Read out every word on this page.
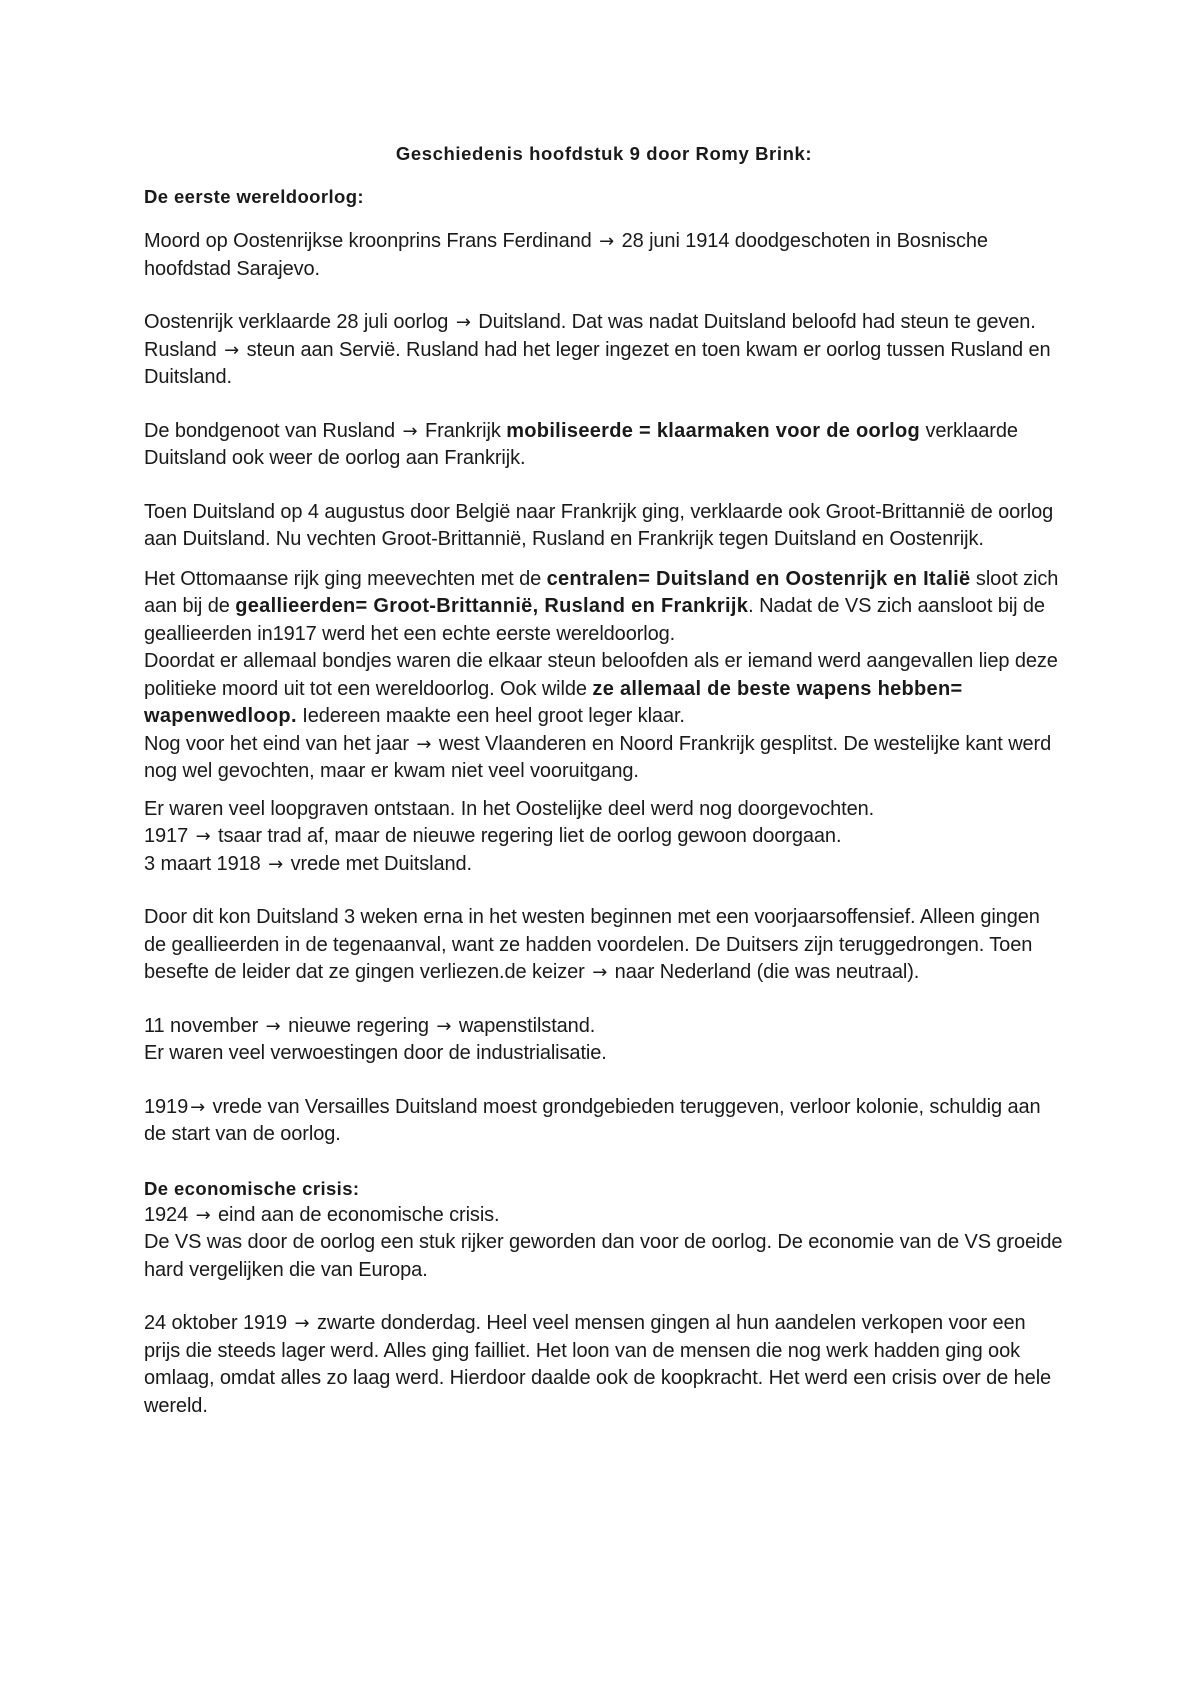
Geschiedenis hoofdstuk 9 door Romy Brink:
De eerste wereldoorlog:

Moord op Oostenrijkse kroonprins Frans Ferdinand → 28 juni 1914 doodgeschoten in Bosnische hoofdstad Sarajevo.

Oostenrijk verklaarde 28 juli oorlog → Duitsland. Dat was nadat Duitsland beloofd had steun te geven.

Rusland → steun aan Servië. Rusland had het leger ingezet en toen kwam er oorlog tussen Rusland en Duitsland.

De bondgenoot van Rusland → Frankrijk mobiliseerde = klaarmaken voor de oorlog verklaarde Duitsland ook weer de oorlog aan Frankrijk.

Toen Duitsland op 4 augustus door België naar Frankrijk ging, verklaarde ook Groot-Brittannië de oorlog aan Duitsland. Nu vechten Groot-Brittannië, Rusland en Frankrijk tegen Duitsland en Oostenrijk.

Het Ottomaanse rijk ging meevechten met de centralen= Duitsland en Oostenrijk en Italië sloot zich aan bij de geallieerden= Groot-Brittannië, Rusland en Frankrijk. Nadat de VS zich aansloot bij de geallieerden in1917 werd het een echte eerste wereldoorlog.
Doordat er allemaal bondjes waren die elkaar steun beloofden als er iemand werd aangevallen liep deze politieke moord uit tot een wereldoorlog. Ook wilde ze allemaal de beste wapens hebben= wapenwedloop. Iedereen maakte een heel groot leger klaar.
Nog voor het eind van het jaar → west Vlaanderen en Noord Frankrijk gesplitst. De westelijke kant werd nog wel gevochten, maar er kwam niet veel vooruitgang.

Er waren veel loopgraven ontstaan. In het Oostelijke deel werd nog doorgevochten.
1917 → tsaar trad af, maar de nieuwe regering liet de oorlog gewoon doorgaan.
3 maart 1918 → vrede met Duitsland.

Door dit kon Duitsland 3 weken erna in het westen beginnen met een voorjaarsoffensief. Alleen gingen de geallieerden in de tegenaanval, want ze hadden voordelen. De Duitsers zijn teruggedrongen. Toen besefte de leider dat ze gingen verliezen.de keizer → naar Nederland (die was neutraal).

11 november → nieuwe regering → wapenstilstand.
Er waren veel verwoestingen door de industrialisatie.

1919 → vrede van Versailles Duitsland moest grondgebieden teruggeven, verloor kolonie, schuldig aan de start van de oorlog.

De economische crisis:

1924 → eind aan de economische crisis.
De VS was door de oorlog een stuk rijker geworden dan voor de oorlog. De economie van de VS groeide hard vergelijken die van Europa.

24 oktober 1919 → zwarte donderdag. Heel veel mensen gingen al hun aandelen verkopen voor een prijs die steeds lager werd. Alles ging failliet. Het loon van de mensen die nog werk hadden ging ook omlaag, omdat alles zo laag werd. Hierdoor daalde ook de koopkracht. Het werd een crisis over de hele wereld.
